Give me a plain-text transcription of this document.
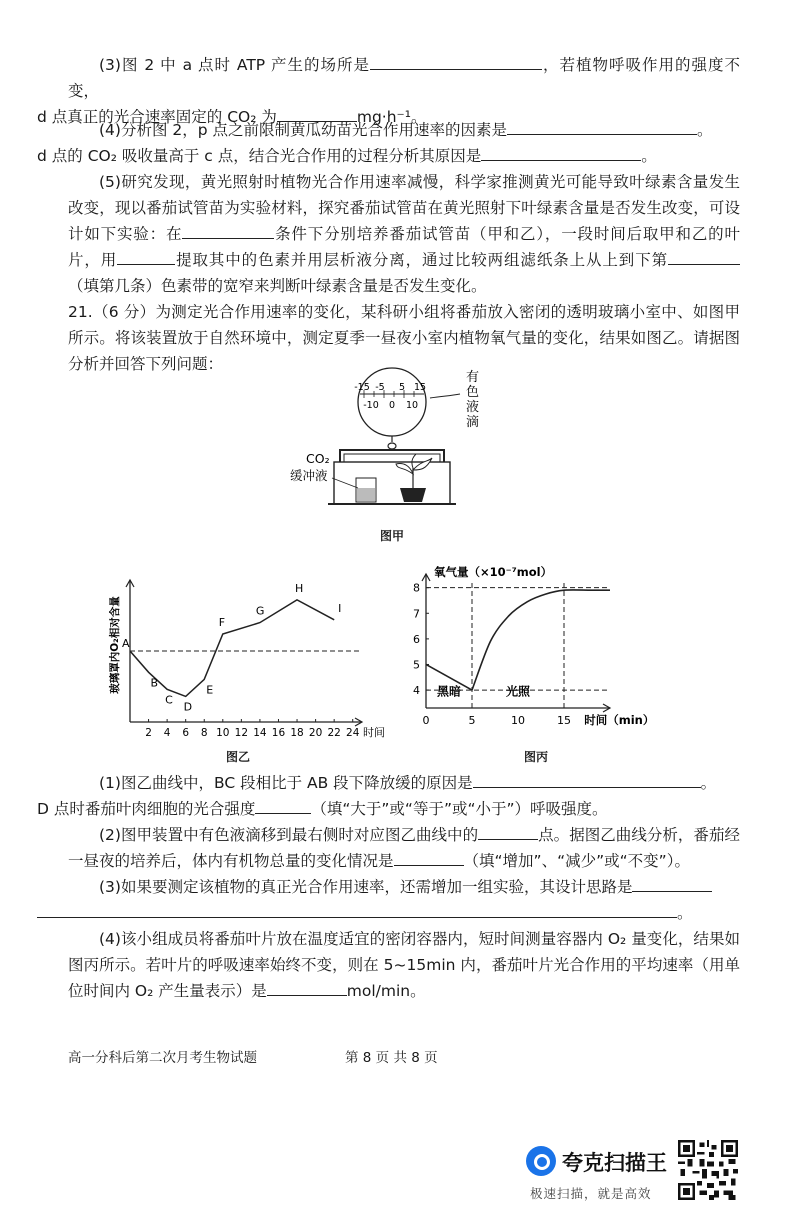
(3)图 2 中 a 点时 ATP 产生的场所是	，若植物呼吸作用的强度不变，
d 点真正的光合速率固定的 CO₂ 为	mg·h⁻¹。

(4)分析图 2，p 点之前限制黄瓜幼苗光合作用速率的因素是	。
d 点的 CO₂ 吸收量高于 c 点，结合光合作用的过程分析其原因是	。

(5)研究发现，黄光照射时植物光合作用速率减慢，科学家推测黄光可能导致叶绿素含量发生改变，现以番茄试管苗为实验材料，探究番茄试管苗在黄光照射下叶绿素含量是否发生改变，可设计如下实验：在	条件下分别培养番茄试管苗（甲和乙），一段时间后取甲和乙的叶片，用	提取其中的色素并用层析液分离，通过比较两组滤纸条上从上到下第（填第几条）色素带的宽窄来判断叶绿素含量是否发生变化。

21.（6 分）为测定光合作用速率的变化，某科研小组将番茄放入密闭的透明玻璃小室中、如图甲所示。将该装置放于自然环境中，测定夏季一昼夜小室内植物氧气量的变化，结果如图乙。请据图分析并回答下列问题：

-15 -5 5 15
-10 0 10
有
色
液
滴
CO₂
缓冲液
图甲
2 4 6 8 10 12 14 16 18 20 22 24 时间
玻璃罩内O₂相对含量 A
B
C
D
E
F
G
H
I
图乙
氧气量（×10⁻⁷mol）
4
5
6
7
8
0	5	10	15 时间（min）
黑暗	光照
图丙

(1)图乙曲线中，BC 段相比于 AB 段下降放缓的原因是	。
D 点时番茄叶肉细胞的光合强度	（填“大于”或“等于”或“小于”）呼吸强度。

(2)图甲装置中有色液滴移到最右侧时对应图乙曲线中的	点。据图乙曲线分析，番茄经一昼夜的培养后，体内有机物总量的变化情况是	（填“增加”、“减少”或“不变”）。

(3)如果要测定该植物的真正光合作用速率，还需增加一组实验，其设计思路是
。

(4)该小组成员将番茄叶片放在温度适宜的密闭容器内，短时间测量容器内 O₂ 量变化，结果如图丙所示。若叶片的呼吸速率始终不变，则在 5~15min 内，番茄叶片光合作用的平均速率（用单位时间内 O₂ 产生量表示）是	mol/min。

高一分科后第二次月考生物试题	第 8 页 共 8 页
夸克扫描王
极速扫描，就是高效
